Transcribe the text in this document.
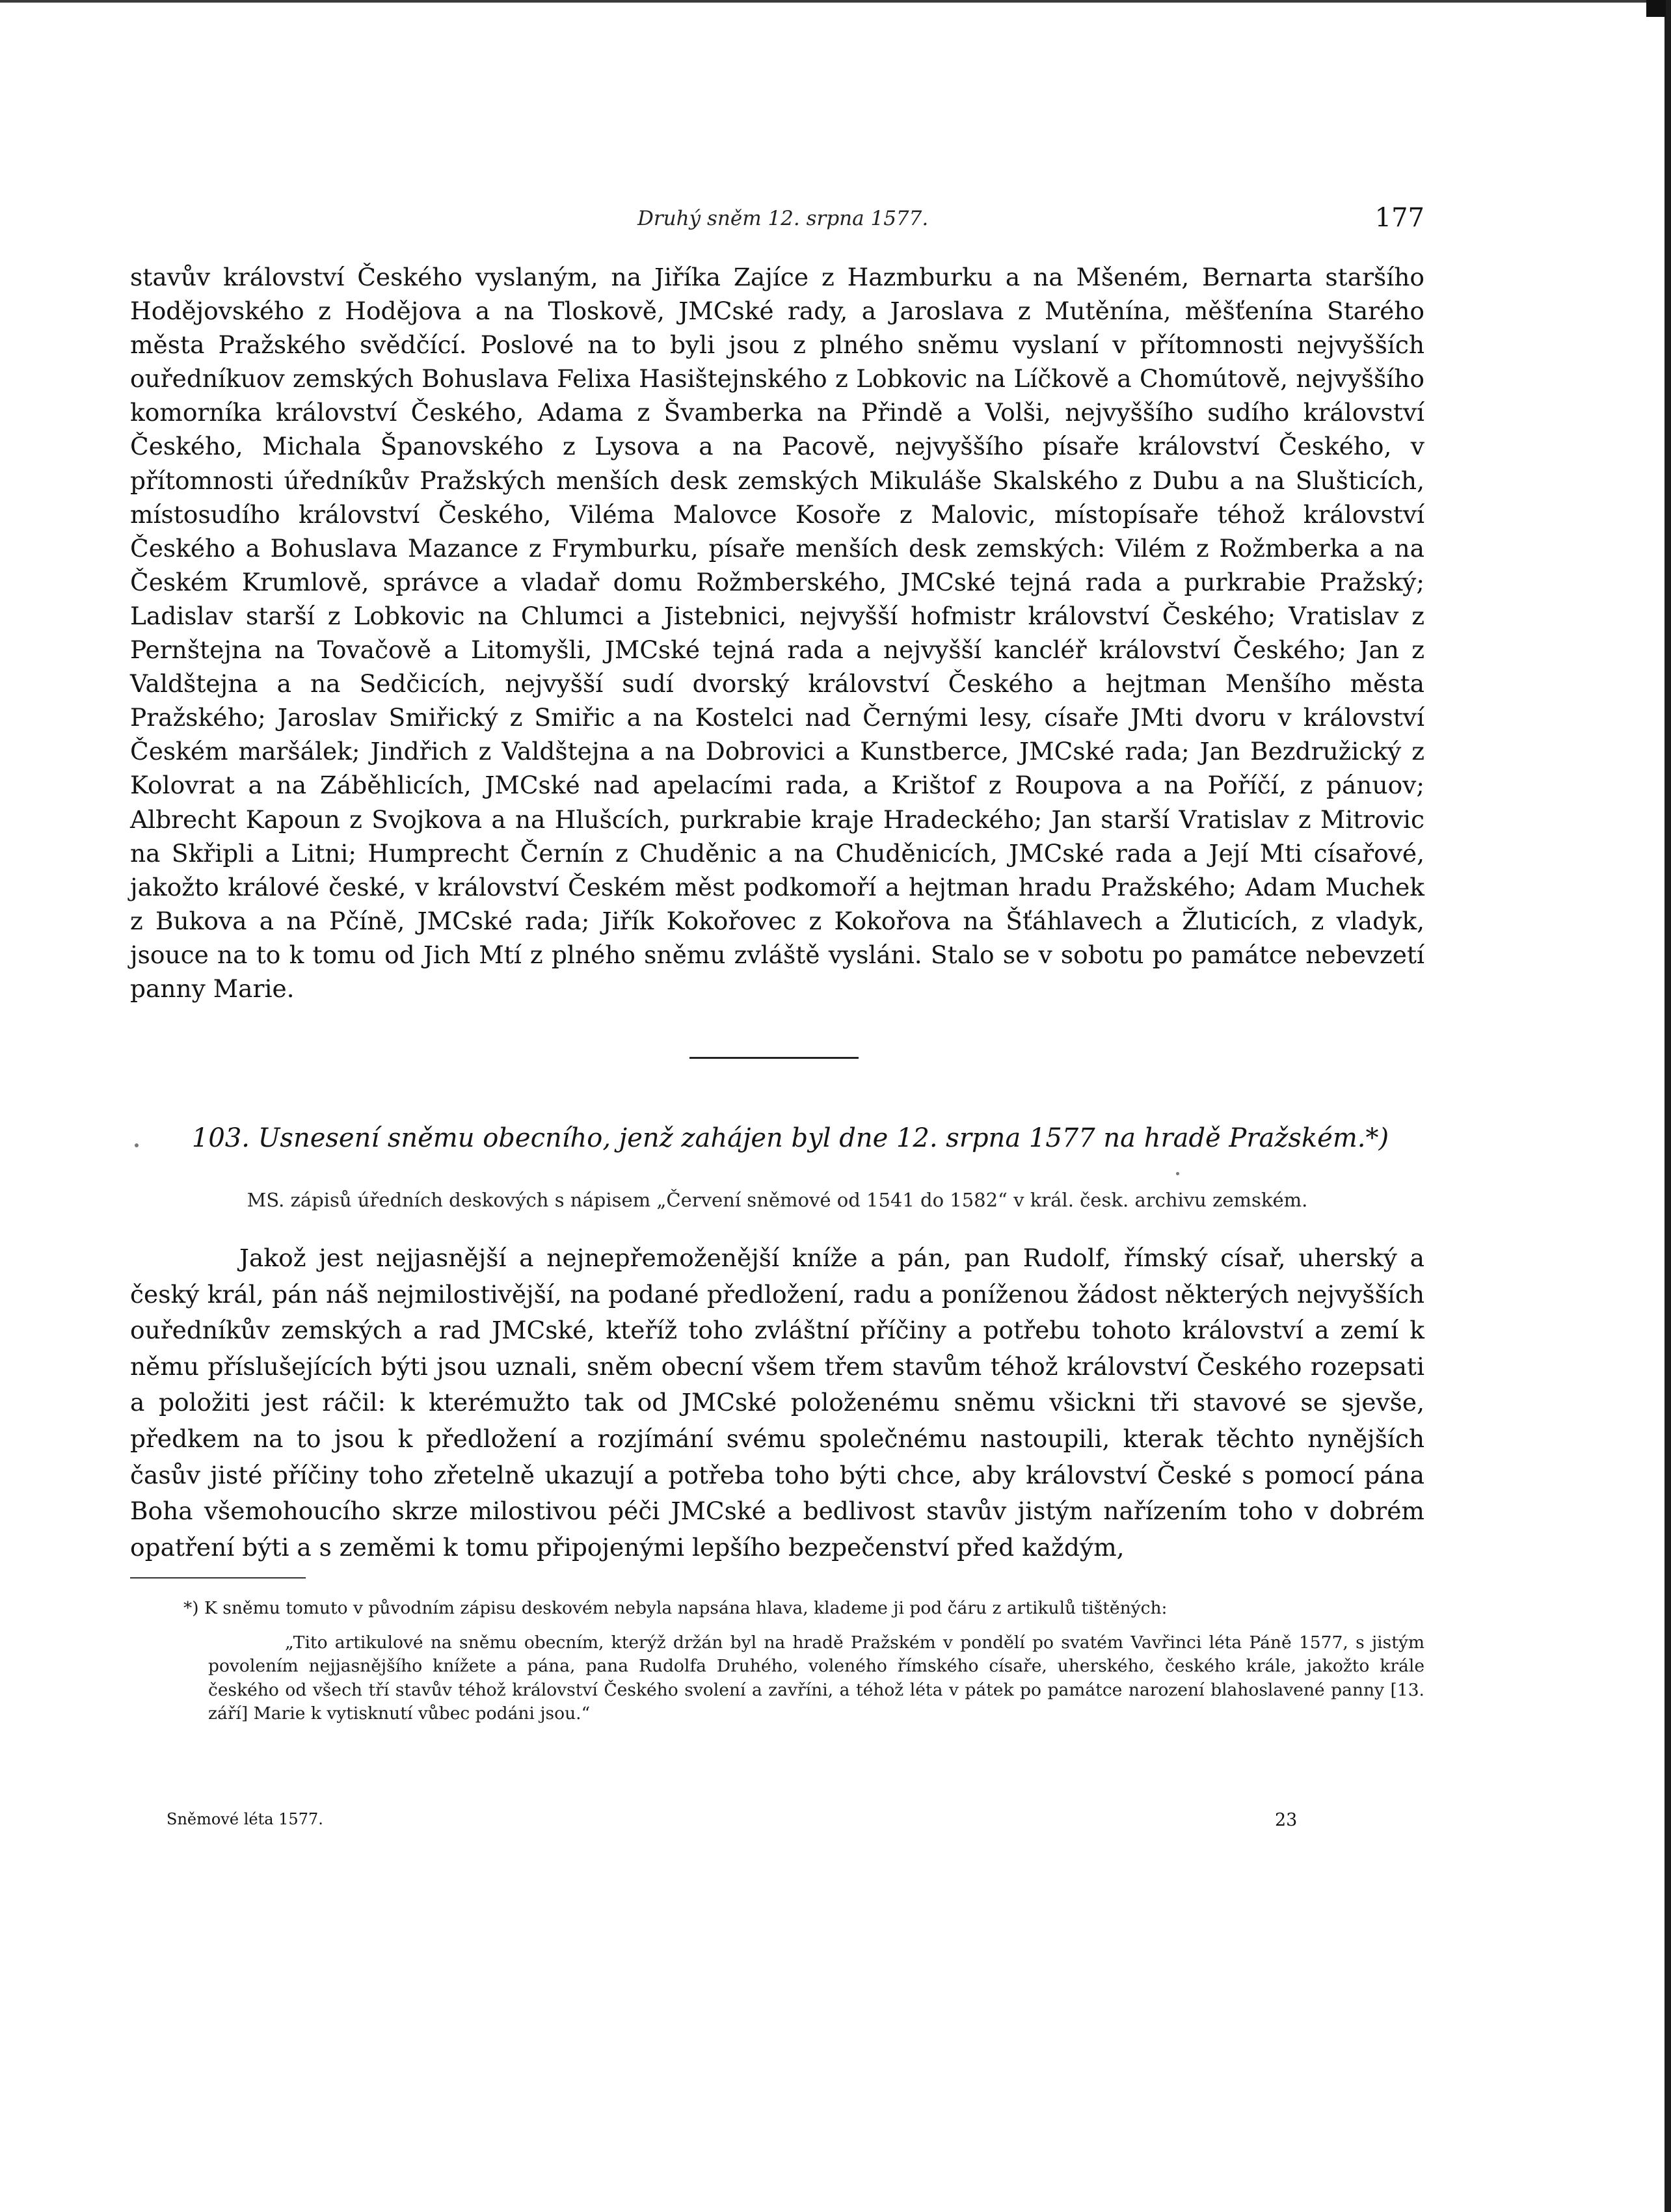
Druhý sněm 12. srpna 1577.	177
stavův království Českého vyslaným, na Jiříka Zajíce z Hazmburku a na Mšeném, Bernarta staršího Hodějovského z Hodějova a na Tloskově, JMCské rady, a Jaroslava z Mutěnína, měšťenína Starého města Pražského svědčící. Poslové na to byli jsou z plného sněmu vyslaní v přítomnosti nejvyšších ouředníkuov zemských Bohuslava Felixa Hasištejnského z Lobkovic na Líčkově a Chomútově, nejvyššího komorníka království Českého, Adama z Švamberka na Přindě a Volši, nejvyššího sudího království Českého, Michala Španovského z Lysova a na Pacově, nejvyššího písaře království Českého, v přítomnosti úředníkův Pražských menších desk zemských Mikuláše Skalského z Dubu a na Slušticích, místosudího království Českého, Viléma Malovce Kosoře z Malovic, místopísaře téhož království Českého a Bohuslava Mazance z Frymburku, písaře menších desk zemských: Vilém z Rožmberka a na Českém Krumlově, správce a vladař domu Rožmberského, JMCské tejná rada a purkrabie Pražský; Ladislav starší z Lobkovic na Chlumci a Jistebnici, nejvyšší hofmistr království Českého; Vratislav z Pernštejna na Tovačově a Litomyšli, JMCské tejná rada a nejvyšší kancléř království Českého; Jan z Valdštejna a na Sedčicích, nejvyšší sudí dvorský království Českého a hejtman Menšího města Pražského; Jaroslav Smiřický z Smiřic a na Kostelci nad Černými lesy, císaře JMti dvoru v království Českém maršálek; Jindřich z Valdštejna a na Dobrovici a Kunstberce, JMCské rada; Jan Bezdružický z Kolovrat a na Záběhlicích, JMCské nad apelacími rada, a Krištof z Roupova a na Poříčí, z pánuov; Albrecht Kapoun z Svojkova a na Hlušcích, purkrabie kraje Hradeckého; Jan starší Vratislav z Mitrovic na Skřipli a Litni; Humprecht Černín z Chuděnic a na Chuděnicích, JMCské rada a Její Mti císařové, jakožto králové české, v království Českém měst podkomoří a hejtman hradu Pražského; Adam Muchek z Bukova a na Pčíně, JMCské rada; Jiřík Kokořovec z Kokořova na Šťáhlavech a Žluticích, z vladyk, jsouce na to k tomu od Jich Mtí z plného sněmu zvláště vysláni. Stalo se v sobotu po památce nebevzetí panny Marie.
103. Usnesení sněmu obecního, jenž zahájen byl dne 12. srpna 1577 na hradě Pražském.*)
MS. zápisů úředních deskových s nápisem „Červení sněmové od 1541 do 1582“ v král. česk. archivu zemském.

Jakož jest nejjasnější a nejnepřemoženější kníže a pán, pan Rudolf, římský císař, uherský a český král, pán náš nejmilostivější, na podané předložení, radu a poníženou žádost některých nejvyšších ouředníkův zemských a rad JMCské, kteříž toho zvláštní příčiny a potřebu tohoto království a zemí k němu příslušejících býti jsou uznali, sněm obecní všem třem stavům téhož království Českého rozepsati a položiti jest ráčil: k kterémužto tak od JMCské položenému sněmu všickni tři stavové se sjevše, předkem na to jsou k předložení a rozjímání svému společnému nastoupili, kterak těchto nynějších časův jisté příčiny toho zřetelně ukazují a potřeba toho býti chce, aby království České s pomocí pána Boha všemohoucího skrze milostivou péči JMCské a bedlivost stavův jistým nařízením toho v dobrém opatření býti a s zeměmi k tomu připojenými lepšího bezpečenství před každým,

*) K sněmu tomuto v původním zápisu deskovém nebyla napsána hlava, klademe ji pod čáru z artikulů tištěných:

„Tito artikulové na sněmu obecním, kterýž držán byl na hradě Pražském v pondělí po svatém Vavřinci léta Páně 1577, s jistým povolením nejjasnějšího knížete a pána, pana Rudolfa Druhého, voleného římského císaře, uherského, českého krále, jakožto krále českého od všech tří stavův téhož království Českého svolení a zavříni, a téhož léta v pátek po památce narození blahoslavené panny [13. září] Marie k vytisknutí vůbec podáni jsou.“

Sněmové léta 1577.	23
